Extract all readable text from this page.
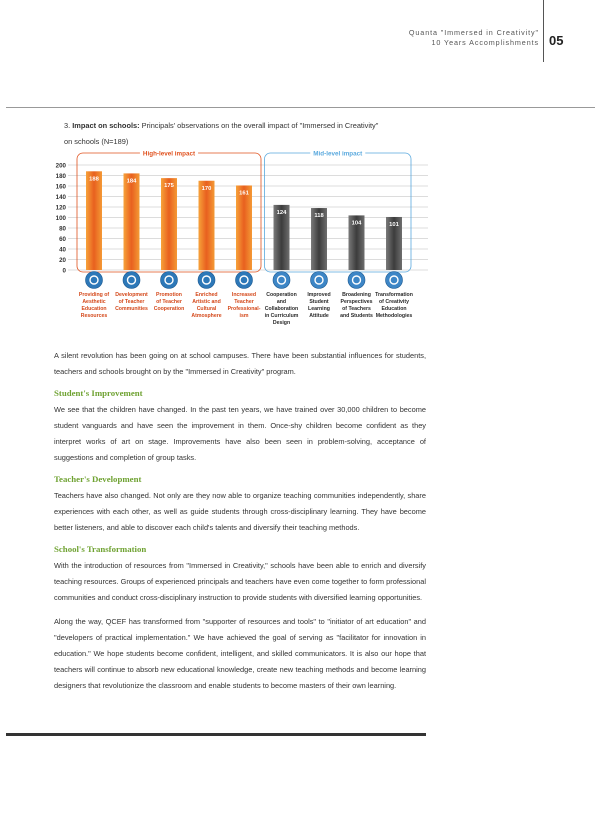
Quanta "Immersed in Creativity"
10 Years Accomplishments 05
3. Impact on schools: Principals' observations on the overall impact of "Immersed in Creativity"
on schools (N=189)
0
20
40
60
80
100
120
140
160
180
200
High-level impact	Mid-level impact
188
Providing of
Aesthetic
Education
Resources
184
Development
of Teacher
Communities
175
Promotion
of Teacher
Cooperation
170
Enriched
Artistic and
Cultural
Atmosphere
161
Increased
Teacher
Professional-
ism
124
Cooperation
and
Collaboration
in Curriculum
Design
118
Improved
Student
Learning
Attitude
104
Broadening
Perspectives
of Teachers
and Students
101
Transformation
of Creativity
Education
Methodologies

A silent revolution has been going on at school campuses. There have been substantial influences for students, teachers and schools brought on by the "Immersed in Creativity" program.

Student's Improvement

We see that the children have changed. In the past ten years, we have trained over 30,000 children to become student vanguards and have seen the improvement in them. Once-shy children become confident as they interpret works of art on stage. Improvements have also been seen in problem-solving, acceptance of suggestions and completion of group tasks.

Teacher's Development

Teachers have also changed. Not only are they now able to organize teaching communities independently, share experiences with each other, as well as guide students through cross-disciplinary learning. They have become better listeners, and able to discover each child's talents and diversify their teaching methods.

School's Transformation

With the introduction of resources from "Immersed in Creativity," schools have been able to enrich and diversify teaching resources. Groups of experienced principals and teachers have even come together to form professional communities and conduct cross-disciplinary instruction to provide students with diversified learning opportunities.

Along the way, QCEF has transformed from "supporter of resources and tools" to "initiator of art education" and "developers of practical implementation." We have achieved the goal of serving as "facilitator for innovation in education." We hope students become confident, intelligent, and skilled communicators. It is also our hope that teachers will continue to absorb new educational knowledge, create new teaching methods and become learning designers that revolutionize the classroom and enable students to become masters of their own learning.
